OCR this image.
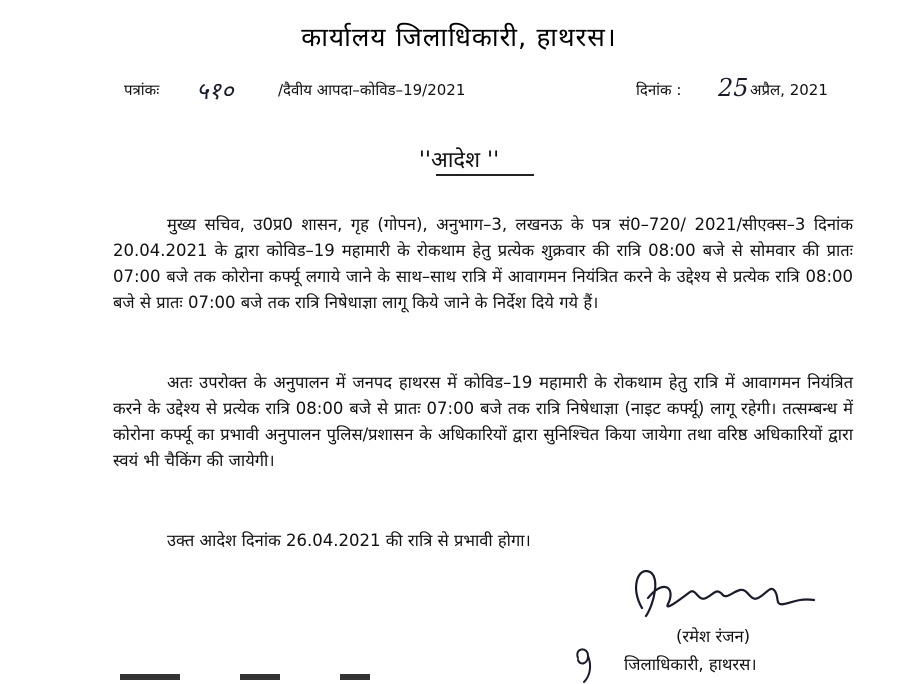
कार्यालय जिलाधिकारी, हाथरस।
पत्रांकः ५१०	/दैवीय आपदा–कोविड–19/2021	दिनांक : 25 अप्रैल, 2021
''आदेश ''
मुख्य सचिव, उ0प्र0 शासन, गृह (गोपन), अनुभाग–3, लखनऊ के पत्र सं0–720/ 2021/सीएक्स–3 दिनांक 20.04.2021 के द्वारा कोविड–19 महामारी के रोकथाम हेतु प्रत्येक शुक्रवार की रात्रि 08:00 बजे से सोमवार की प्रातः 07:00 बजे तक कोरोना कर्फ्यू लगाये जाने के साथ–साथ रात्रि में आवागमन नियंत्रित करने के उद्देश्य से प्रत्येक रात्रि 08:00 बजे से प्रातः 07:00 बजे तक रात्रि निषेधाज्ञा लागू किये जाने के निर्देश दिये गये हैं।
अतः उपरोक्त के अनुपालन में जनपद हाथरस में कोविड–19 महामारी के रोकथाम हेतु रात्रि में आवागमन नियंत्रित करने के उद्देश्य से प्रत्येक रात्रि 08:00 बजे से प्रातः 07:00 बजे तक रात्रि निषेधाज्ञा (नाइट कर्फ्यू) लागू रहेगी। तत्सम्बन्ध में कोरोना कर्फ्यू का प्रभावी अनुपालन पुलिस/प्रशासन के अधिकारियों द्वारा सुनिश्चित किया जायेगा तथा वरिष्ठ अधिकारियों द्वारा स्वयं भी चैकिंग की जायेगी।
उक्त आदेश दिनांक 26.04.2021 की रात्रि से प्रभावी होगा।
(रमेश रंजन)
जिलाधिकारी, हाथरस।
